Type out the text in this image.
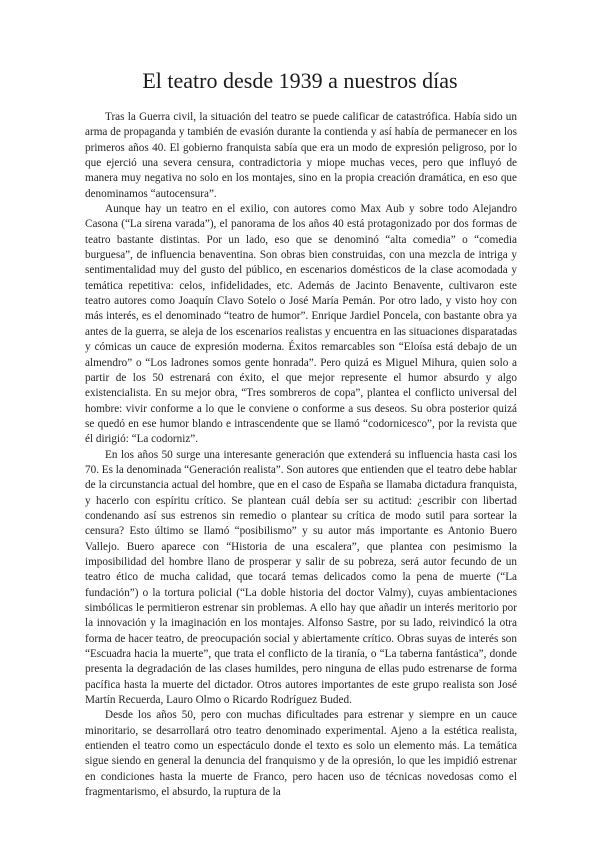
El teatro desde 1939 a nuestros días

Tras la Guerra civil, la situación del teatro se puede calificar de catastrófica. Había sido un arma de propaganda y también de evasión durante la contienda y así había de permanecer en los primeros años 40. El gobierno franquista sabía que era un modo de expresión peligroso, por lo que ejerció una severa censura, contradictoria y miope muchas veces, pero que influyó de manera muy negativa no solo en los montajes, sino en la propia creación dramática, en eso que denominamos “autocensura”.

Aunque hay un teatro en el exilio, con autores como Max Aub y sobre todo Alejandro Casona (“La sirena varada”), el panorama de los años 40 está protagonizado por dos formas de teatro bastante distintas. Por un lado, eso que se denominó “alta comedia” o “comedia burguesa”, de influencia benaventina. Son obras bien construidas, con una mezcla de intriga y sentimentalidad muy del gusto del público, en escenarios domésticos de la clase acomodada y temática repetitiva: celos, infidelidades, etc. Además de Jacinto Benavente, cultivaron este teatro autores como Joaquín Clavo Sotelo o José María Pemán. Por otro lado, y visto hoy con más interés, es el denominado “teatro de humor”. Enrique Jardiel Poncela, con bastante obra ya antes de la guerra, se aleja de los escenarios realistas y encuentra en las situaciones disparatadas y cómicas un cauce de expresión moderna. Éxitos remarcables son “Eloísa está debajo de un almendro” o “Los ladrones somos gente honrada”. Pero quizá es Miguel Mihura, quien solo a partir de los 50 estrenará con éxito, el que mejor represente el humor absurdo y algo existencialista. En su mejor obra, “Tres sombreros de copa”, plantea el conflicto universal del hombre: vivir conforme a lo que le conviene o conforme a sus deseos. Su obra posterior quizá se quedó en ese humor blando e intrascendente que se llamó “codornicesco”, por la revista que él dirigió: “La codorniz”.

En los años 50 surge una interesante generación que extenderá su influencia hasta casi los 70. Es la denominada “Generación realista”. Son autores que entienden que el teatro debe hablar de la circunstancia actual del hombre, que en el caso de España se llamaba dictadura franquista, y hacerlo con espíritu crítico. Se plantean cuál debía ser su actitud: ¿escribir con libertad condenando así sus estrenos sin remedio o plantear su crítica de modo sutil para sortear la censura? Esto último se llamó “posibilismo” y su autor más importante es Antonio Buero Vallejo. Buero aparece con “Historia de una escalera”, que plantea con pesimismo la imposibilidad del hombre llano de prosperar y salir de su pobreza, será autor fecundo de un teatro ético de mucha calidad, que tocará temas delicados como la pena de muerte (“La fundación”) o la tortura policial (“La doble historia del doctor Valmy), cuyas ambientaciones simbólicas le permitieron estrenar sin problemas. A ello hay que añadir un interés meritorio por la innovación y la imaginación en los montajes. Alfonso Sastre, por su lado, reivindicó la otra forma de hacer teatro, de preocupación social y abiertamente crítico. Obras suyas de interés son “Escuadra hacia la muerte”, que trata el conflicto de la tiranía, o “La taberna fantástica”, donde presenta la degradación de las clases humildes, pero ninguna de ellas pudo estrenarse de forma pacífica hasta la muerte del dictador. Otros autores importantes de este grupo realista son José Martín Recuerda, Lauro Olmo o Ricardo Rodríguez Buded.

Desde los años 50, pero con muchas dificultades para estrenar y siempre en un cauce minoritario, se desarrollará otro teatro denominado experimental. Ajeno a la estética realista, entienden el teatro como un espectáculo donde el texto es solo un elemento más. La temática sigue siendo en general la denuncia del franquismo y de la opresión, lo que les impidió estrenar en condiciones hasta la muerte de Franco, pero hacen uso de técnicas novedosas como el fragmentarismo, el absurdo, la ruptura de la
